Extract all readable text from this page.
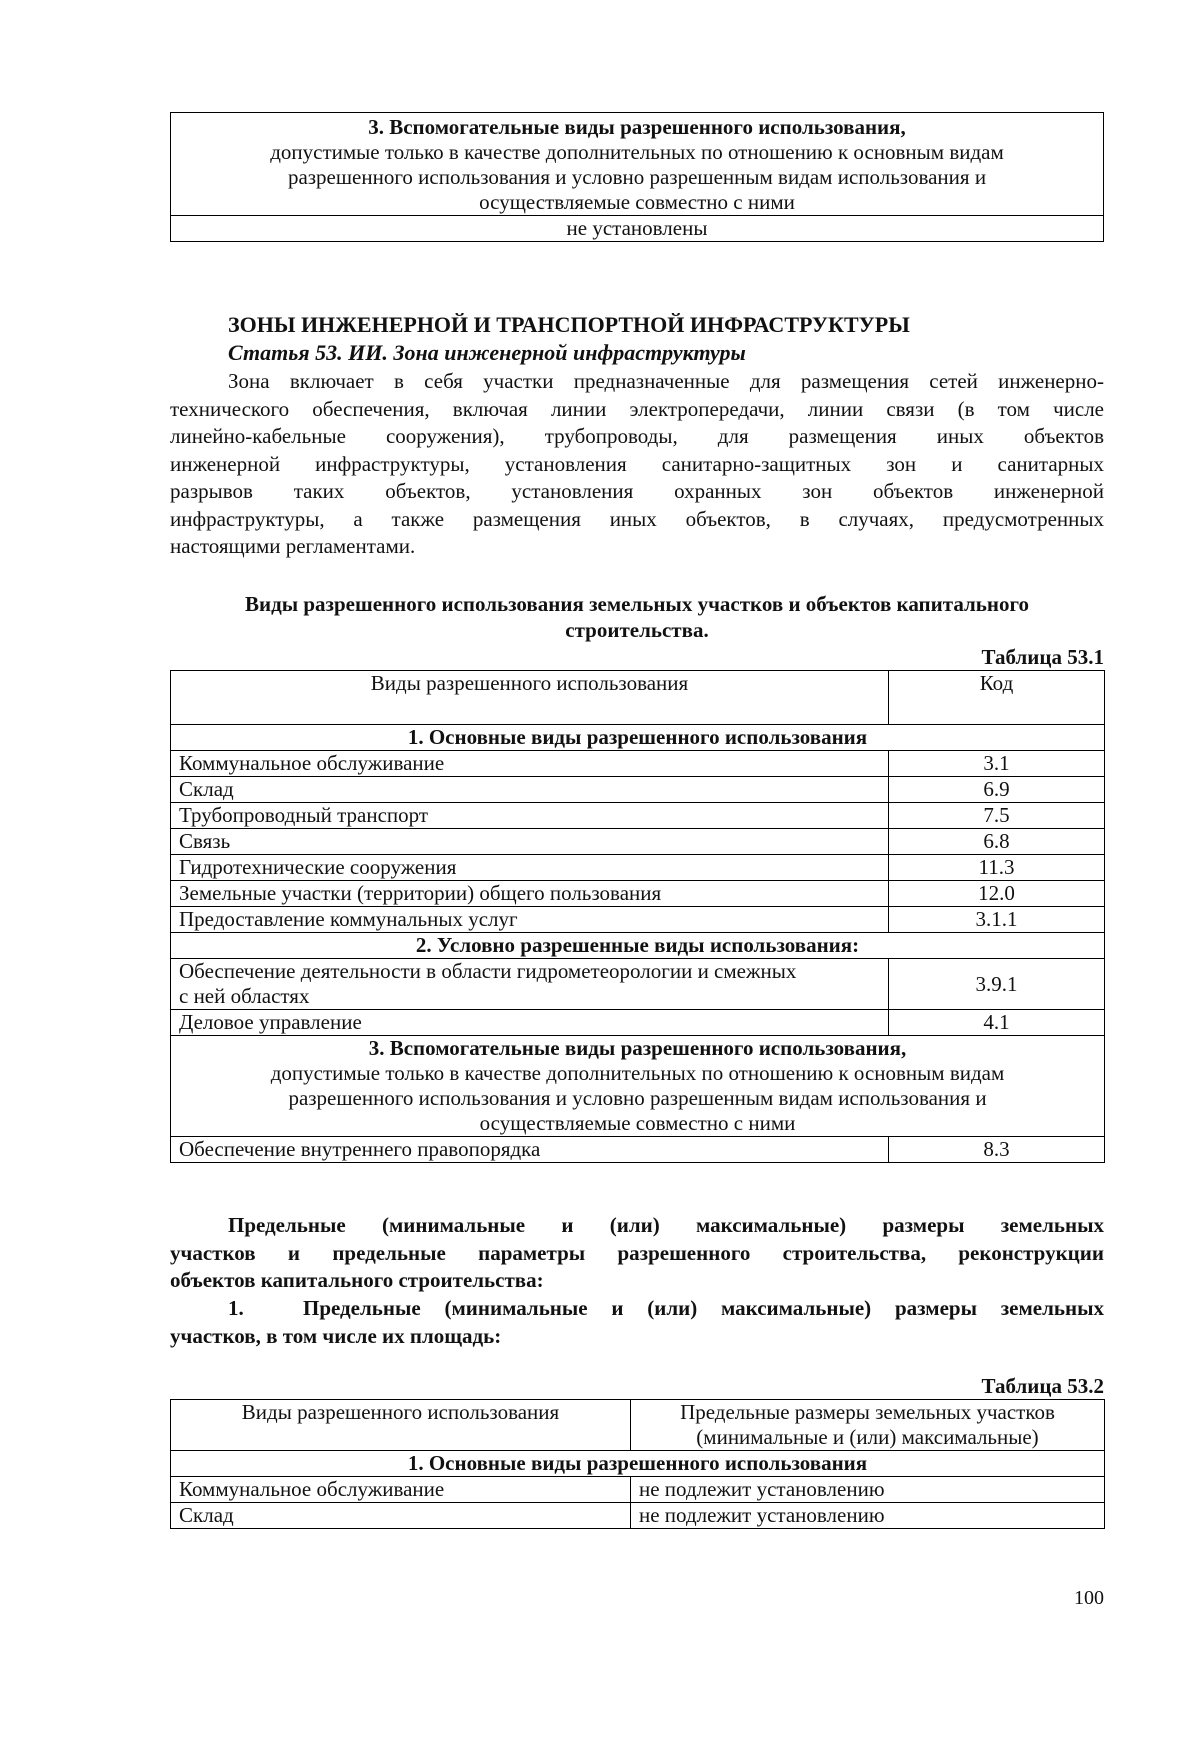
3. Вспомогательные виды разрешенного использования,
допустимые только в качестве дополнительных по отношению к основным видам
разрешенного использования и условно разрешенным видам использования и
осуществляемые совместно с ними

не установлены
ЗОНЫ ИНЖЕНЕРНОЙ И ТРАНСПОРТНОЙ ИНФРАСТРУКТУРЫ
Статья 53. ИИ. Зона инженерной инфраструктуры
Зона включает в себя участки предназначенные для размещения сетей инженерно-
технического обеспечения, включая линии электропередачи, линии связи (в том числе
линейно-кабельные сооружения), трубопроводы, для размещения иных объектов
инженерной инфраструктуры, установления санитарно-защитных зон и санитарных
разрывов таких объектов, установления охранных зон объектов инженерной
инфраструктуры, а также размещения иных объектов, в случаях, предусмотренных
настоящими регламентами.
Виды разрешенного использования земельных участков и объектов капитального
строительства.
Таблица 53.1
Виды разрешенного использования	Код
1. Основные виды разрешенного использования	
Коммунальное обслуживание	3.1
Склад	6.9
Трубопроводный транспорт	7.5
Связь	6.8
Гидротехнические сооружения	11.3
Земельные участки (территории) общего пользования	12.0
Предоставление коммунальных услуг	3.1.1
2. Условно разрешенные виды использования:	

Обеспечение деятельности в области гидрометеорологии и смежных
с ней областях	3.9.1
Деловое управление	4.1

3. Вспомогательные виды разрешенного использования,
допустимые только в качестве дополнительных по отношению к основным видам
разрешенного использования и условно разрешенным видам использования и
осуществляемые совместно с ними	

Обеспечение внутреннего правопорядка	8.3
Предельные (минимальные и (или) максимальные) размеры земельных
участков и предельные параметры разрешенного строительства, реконструкции
объектов капитального строительства:
1.	Предельные (минимальные и (или) максимальные) размеры земельных
участков, в том числе их площадь:
Таблица 53.2
Виды разрешенного использования	Предельные размеры земельных участков
(минимальные и (или) максимальные)

1. Основные виды разрешенного использования	
Коммунальное обслуживание	не подлежит установлению
Склад	не подлежит установлению
100
